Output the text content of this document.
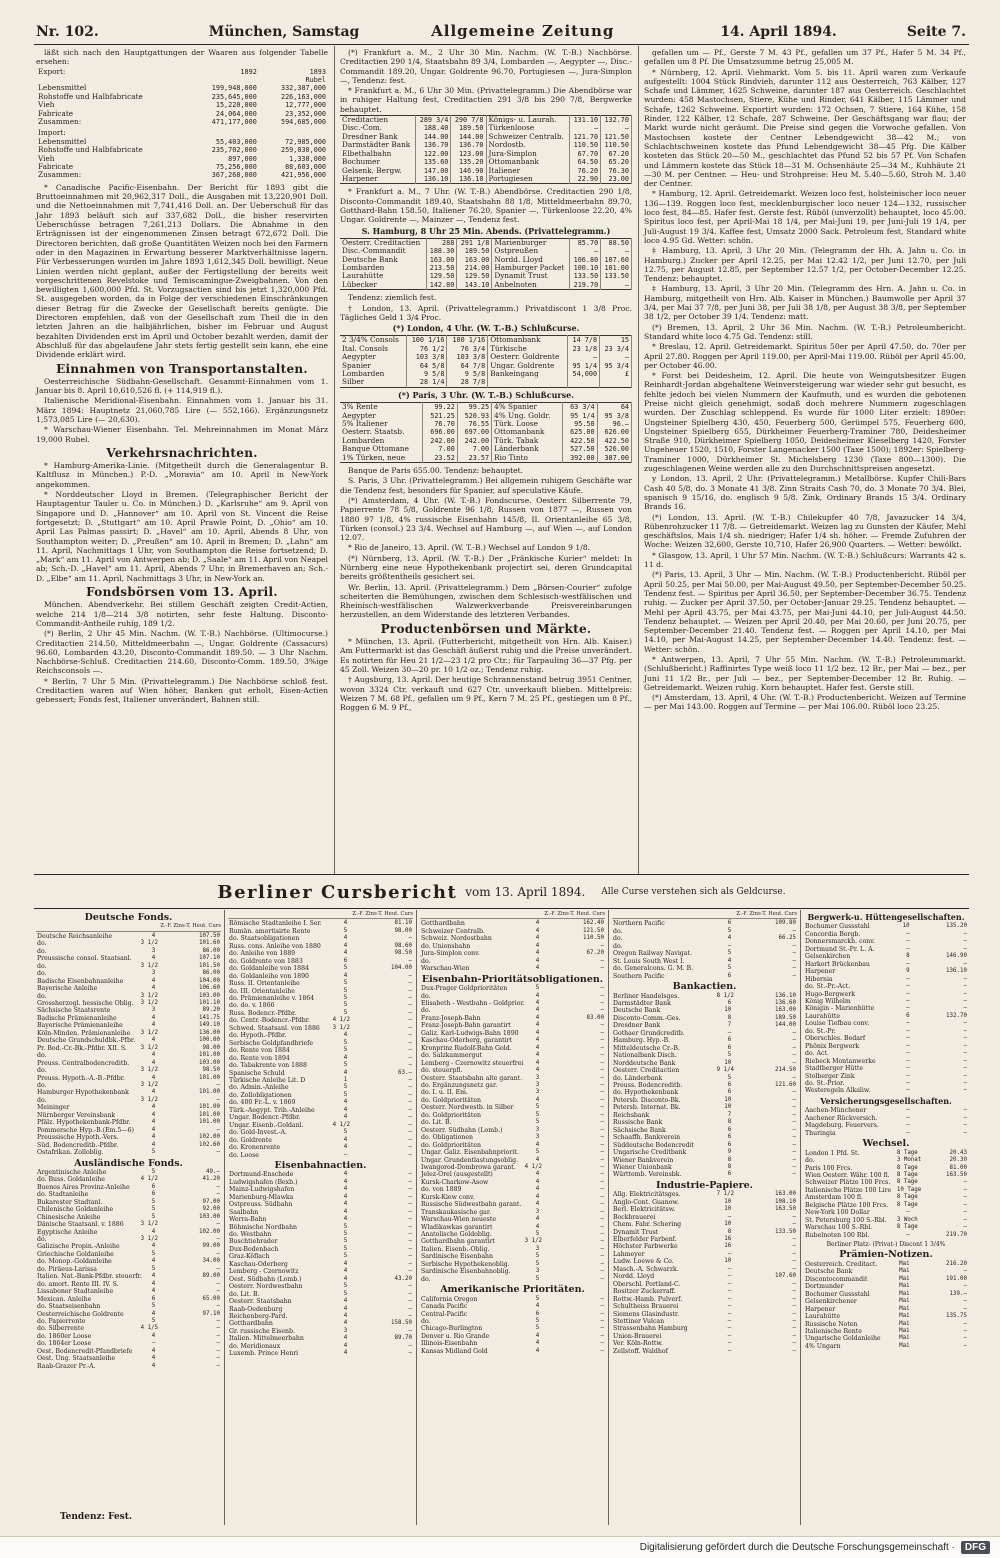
Nr. 102.	München, Samstag	Allgemeine Zeitung	14. April 1894.	Seite 7.

läßt sich nach den Hauptgattungen der Waaren aus folgender Tabelle ersehen:

Export:	1892	1893
		Rubel
Lebensmittel	199,948,000	332,387,000
Rohstoffe und Halbfabricate	235,645,000	226,163,000
Vieh	15,220,000	12,777,000
Fabricate	24,064,000	23,352,000
Zusammen:	471,177,000	594,685,000
Import:		
Lebensmittel	55,403,000	72,985,000
Rohstoffe und Halbfabricate	235,702,000	259,030,000
Vieh	897,000	1,338,000
Fabricate	75,256,000	88,603,000
Zusammen:	367,268,000	421,956,000

* Canadische Pacific-Eisenbahn. Der Bericht für 1893 gibt die Bruttoeinnahmen mit 20,962,317 Doll., die Ausgaben mit 13,220,901 Doll. und die Nettoeinnahmen mit 7,741,416 Doll. an. Der Ueberschuß für das Jahr 1893 beläuft sich auf 337,682 Doll., die bisher reservirten Ueberschüsse betragen 7,261,213 Dollars. Die Abnahme in den Erträgnissen ist der eingenommenen Zinsen betragt 672,672 Doll. Die Directoren berichten, daß große Quantitäten Weizen noch bei den Farmern oder in den Magazinen in Erwartung besserer Marktverhältnisse lagern. Für Verbesserungen wurden im Jahre 1893 1,612,345 Doll. bewilligt. Neue Linien werden nicht geplant, außer der Fertigstellung der bereits weit vorgeschrittenen Revelstoke und Temiscamingue-Zweigbahnen. Von den bewilligten 1,600,000 Pfd. St. Vorzugsactien sind bis jetzt 1,320,000 Pfd. St. ausgegeben worden, da in Folge der verschiedenen Einschränkungen dieser Betrag für die Zwecke der Gesellschaft bereits genügte. Die Directoren empfehlen, daß von der Gesellschaft zum Theil die in den letzten Jahren an die halbjährlichen, bisher im Februar und August bezahlten Dividenden erst im April und October bezahlt werden, damit der Abschluß für das abgelaufene Jahr stets fertig gestellt sein kann, ehe eine Dividende erklärt wird.

Einnahmen von Transportanstalten.

Oesterreichische Südbahn-Gesellschaft. Gesammt-Einnahmen vom 1. Januar bis 8. April 10,610,526 fl. (+ 114,919 fl.).

Italienische Meridional-Eisenbahn. Einnahmen vom 1. Januar bis 31. März 1894: Hauptnetz 21,060,785 Lire (— 552,166). Ergänzungsnetz 1,573,085 Lire (— 20,630).

* Warschau-Wiener Eisenbahn. Tel. Mehreinnahmen im Monat März 19,000 Rubel.

Verkehrsnachrichten.

* Hamburg-Amerika-Linie. (Mitgetheilt durch die Generalagentur B. Kaltflusz in München.) P.-D. „Moravia“ am 10. April in New-York angekommen.

* Norddeutscher Lloyd in Bremen. (Telegraphischer Bericht der Hauptagentur Tauler u. Co. in München.) D. „Karlsruhe“ am 9. April von Singapore und D. „Hannover“ am 10. April von St. Vincent die Reise fortgesetzt; D. „Stuttgart“ am 10. April Prawle Point, D. „Ohio“ am 10. April Las Palmas passirt; D. „Havel“ am 10. April, Abends 8 Uhr, von Southampton weiter; D. „Preußen“ am 10. April in Bremen; D. „Lahn“ am 11. April, Nachmittags 1 Uhr, von Southampton die Reise fortsetzend; D. „Mark“ am 11. April von Antwerpen ab; D. „Saale“ am 11. April von Neapel ab; Sch.-D. „Havel“ am 11. April, Abends 7 Uhr, in Bremerhaven an; Sch.-D. „Elbe“ am 11. April, Nachmittags 3 Uhr, in New-York an.

Fondsbörsen vom 13. April.

München. Abendverkehr. Bei stillem Geschäft zeigten Credit-Actien, welche 214 1/8—214 3/8 notirten, sehr feste Haltung. Disconto-Commandit-Antheile ruhig, 189 1/2.

(*) Berlin, 2 Uhr 45 Min. Nachm. (W. T.-B.) Nachbörse. (Ultimocurse.) Creditactien 214.50, Mitteldmeerbahn —, Ungar. Goldrente (Cassacurs) 96.60, Lombarden 43.20, Disconto-Commandit 189.50. — 3 Uhr Nachm. Nachbörse-Schluß. Creditactien 214.60, Disconto-Comm. 189.50, 3%ige Reichsconsols —.

* Berlin, 7 Uhr 5 Min. (Privattelegramm.) Die Nachbörse schloß fest. Creditactien waren auf Wien höher, Banken gut erholt, Eisen-Actien gebessert; Fonds fest, Italiener unverändert, Bahnen still.

(*) Frankfurt a. M., 2 Uhr 30 Min. Nachm. (W. T.-B.) Nachbörse. Creditactien 290 1/4, Staatsbahn 89 3/4, Lombarden —, Aegypter —, Disc.-Commandit 189.20, Ungar. Goldrente 96.70, Portugiesen —, Jura-Simplon —, Tendenz: fest.

* Frankfurt a. M., 6 Uhr 30 Min. (Privattelegramm.) Die Abendbörse war in ruhiger Haltung fest, Creditactien 291 3/8 bis 290 7/8, Bergwerke behauptet.

Creditactien	289 3/4	290 7/8	Königs- u. Laurah.	131.10	132.70
Disc.-Com.	188.40	189.50	Türkenloose	—	—
Dresdner Bank	144.00	144.00	Schweizer Centralb.	121.70	121.50
Darmstädter Bank	136.70	136.70	Nordostb.	110.50	110.50
Elbethalbahn	122.00	123.00	Jura-Simplon	67.70	67.20
Bochumer	135.60	135.20	Ottomanbank	64.50	65.20
Gelsenk. Bergw.	147.00	146.90	Italiener	76.20	76.30
Harpener	136.10	136.10	Portugiesen	22.90	23.00

* Frankfurt a. M., 7 Uhr. (W. T.-B.) Abendbörse. Creditactien 290 1/8, Disconto-Commandit 189.40, Staatsbahn 88 1/8, Mitteldmeerbahn 89.70, Gotthard-Bahn 158.50, Italiener 76.20, Spanier —, Türkenloose 22.20, 4% Ungar. Goldrente —, Mainzer —, Tendenz fest.

S. Hamburg, 8 Uhr 25 Min. Abends. (Privattelegramm.)
Oesterr. Creditactien	288	291 1/8	Marienburger	85.70	88.50
Disc.-Commandit	188.30	189.50	Ostpreußen	—	—
Deutsche Bank	163.00	163.00	Nordd. Lloyd	106.80	107.60
Lombarden	213.50	214.00	Hamburger Packet	100.10	101.00
Laurahütte	129.50	129.50	Dynamit Trust	133.50	133.50
Lübecker	142.80	143.10	Anbelnoten	219.70	—

Tendenz: ziemlich fest.

† London, 13. April. (Privattelegramm.) Privatdiscont 1 3/8 Proc. Tägliches Geld 1 3/4 Proc.

(*) London, 4 Uhr. (W. T.-B.) Schlußcurse.
2 3/4% Consols	100 1/16	100 1/16	Ottomanbank	14 7/8	15
Ital. Consols	76 1/2	76 3/4	Türkische	23 1/8	23 3/4
Aegypter	103 3/8	103 3/8	Oesterr. Goldrente	—	—
Spanier	64 5/8	64 7/8	Ungar. Goldrente	95 1/4	95 3/4
Lombarden	9 5/8	9 5/8	Bankeingang	54,000	£
Silber	28 1/4	28 7/8			
(*) Paris, 3 Uhr. (W. T.-B.) Schlußcurse.
3% Rente	99.22	99.25	4% Spanier	63 3/4	64
Aegypter	521.25	520.93	4% Ung. Goldr.	95 1/4	95 3/8
5% Italiener	76.70	76.55	Türk. Loose	95.50	96.—
Oesterr. Staatsb.	696.00	697.00	Ottomanbank	625.00	626.00
Lombarden	242.00	242.00	Türk. Tabak	422.50	422.50
Banque Ottomane	7.00	7.00	Länderbank	527.50	526.00
1% Türken, neue	23.52	23.57	Rio Tinto	392.00	387.00

Banque de Paris 655.00. Tendenz: behauptet.

S. Paris, 3 Uhr. (Privattelegramm.) Bei allgemein ruhigem Geschäfte war die Tendenz fest, besonders für Spanier, auf speculative Käufe.

(*) Amsterdam, 4 Uhr. (W. T.-B.) Fondscurse. Oesterr. Silberrente 79, Papierrente 78 5/8, Goldrente 96 1/8, Russen von 1877 —, Russen von 1880 97 1/8, 4% russische Eisenbahn 145/8, II. Orientanleihe 65 3/8, Türken (consol.) 23 3/4. Wechsel auf Hamburg —, auf Wien —, auf London 12.07.

* Rio de Janeiro, 13. April. (W. T.-B.) Wechsel auf London 9 1/8.

(*) Nürnberg, 13. April. (W. T.-B.) Der „Fränkische Kurier“ meldet: In Nürnberg eine neue Hypothekenbank projectirt sei, deren Grundcapital bereits größtentheils gesichert sei.

Wr. Berlin, 13. April. (Privattelegramm.) Dem „Börsen-Courier“ zufolge scheiterten die Bemühungen, zwischen dem Schlesisch-westfälischen und Rheinisch-westfälischen Walzwerkverbande Preisvereinbarungen herzustellen, an dem Widerstande des letzteren Verbandes.

Productenbörsen und Märkte.

* München, 13. April. (Futterbericht, mitgetheilt von Hrn. Alb. Kaiser.) Am Futtermarkt ist das Geschäft äußerst ruhig und die Preise unverändert. Es notirten für Heu 21 1/2—23 1/2 pro Ctr.; für Tarpauling 36—37 Pfg. per 45 Zoll. Weizen 30—20 pr. 10 1/2 oz.; Tendenz ruhig.

† Augsburg, 13. April. Der heutige Schrannenstand betrug 3951 Centner, wovon 3324 Ctr. verkauft und 627 Ctr. unverkauft blieben. Mittelpreis: Weizen 7 M. 68 Pf., gefallen um 9 Pf., Kern 7 M. 25 Pf., gestiegen um 8 Pf., Roggen 6 M. 9 Pf.,

gefallen um — Pf., Gerste 7 M. 43 Pf., gefallen um 37 Pf., Hafer 5 M. 34 Pf., gefallen um 8 Pf. Die Umsatzsumme betrug 25,005 M.

* Nürnberg, 12. April. Viehmarkt. Vom 5. bis 11. April waren zum Verkaufe aufgestellt: 1004 Stück Rindvieh, darunter 112 aus Oesterreich, 763 Kälber, 127 Schafe und Lämmer, 1625 Schweine, darunter 187 aus Oesterreich. Geschlachtet wurden: 458 Mastochsen, Stiere, Kühe und Rinder, 641 Kälber, 115 Lämmer und Schafe, 1262 Schweine. Exportirt wurden: 172 Ochsen, 7 Stiere, 164 Kühe, 158 Rinder, 122 Kälber, 12 Schafe, 287 Schweine. Der Geschäftsgang war flau; der Markt wurde nicht geräumt. Die Preise sind gegen die Vorwoche gefallen. Von Mastochsen kostete der Centner Lebendgewicht 38—42 M.; von Schlachtschweinen kostete das Pfund Lebendgewicht 38—45 Pfg. Die Kälber kosteten das Stück 20—50 M., geschlachtet das Pfund 52 bis 57 Pf. Von Schafen und Lämmern kostete das Stück 18—31 M. Ochsenhäute 25—34 M., Kuhhäute 21—30 M. per Centner. — Heu- und Strohpreise: Heu M. 5.40—5.60, Stroh M. 3.40 der Centner.

* Hamburg, 12. April. Getreidemarkt. Weizen loco fest, holsteinischer loco neuer 136—139. Roggen loco fest, mecklenburgischer loco neuer 124—132, russischer loco fest, 84—85. Hafer fest. Gerste fest. Rüböl (unverzollt) behauptet, loco 45.00. Spiritus loco fest, per April-Mai 18 1/4, per Mai-Juni 19, per Juni-Juli 19 1/4, per Juli-August 19 3/4. Kaffee fest, Umsatz 2000 Sack. Petroleum fest, Standard white loco 4.95 Gd. Wetter: schön.

‡ Hamburg, 13. April, 3 Uhr 20 Min. (Telegramm der Hh. A. Jahn u. Co. in Hamburg.) Zucker per April 12.25, per Mai 12.42 1/2, per Juni 12.70, per Juli 12.75, per August 12.85, per September 12.57 1/2, per October-December 12.25. Tendenz: behauptet.

‡ Hamburg, 13. April, 3 Uhr 20 Min. (Telegramm des Hrn. A. Jahn u. Co. in Hamburg, mitgetheilt von Hrn. Alb. Kaiser in München.) Baumwolle per April 37 3/4, per Mai 37 7/8, per Juni 38, per Juli 38 1/8, per August 38 3/8, per September 38 1/2, per October 39 1/4. Tendenz: matt.

(*) Bremen, 13. April, 2 Uhr 36 Min. Nachm. (W. T.-B.) Petroleumbericht. Standard white loco 4.75 Gd. Tendenz: still.

* Breslau, 12. April. Getreidemarkt. Spiritus 50er per April 47.50, do. 70er per April 27.80. Roggen per April 119.00, per April-Mai 119.00. Rüböl per April 45.00, per October 46.00.

* Forst bei Deidesheim, 12. April. Die heute von Weingutsbesitzer Eugen Reinhardt-Jordan abgehaltene Weinversteigerung war wieder sehr gut besucht, es fehlte jedoch bei vielen Nummern der Kaufmuth, und es wurden die gebotenen Preise nicht gleich genehmigt, sodaß doch mehrere Nummern zugeschlagen wurden. Der Zuschlag schleppend. Es wurde für 1000 Liter erzielt: 1890er: Ungsteiner Spielberg 430, 450, Feuerberg 500, Gerümpel 575, Feuerberg 600, Ungsteiner Spielberg 655, Dürkheimer Feuerberg-Traminer 780, Deidesheimer Straße 910, Dürkheimer Spielberg 1050, Deidesheimer Kieselberg 1420, Forster Ungeheuer 1520, 1510, Forster Langenacker 1500 (Taxe 1500); 1892er: Spielberg-Traminer 1000, Dürkheimer St. Michelsberg 1230 (Taxe 800—1300). Die zugeschlagenen Weine werden alle zu den Durchschnittspreisen angesetzt.

y London, 13. April, 2 Uhr. (Privattelegramm.) Metallbörse. Kupfer Chili-Bars Cash 40 5/8, do. 3 Monate 41 3/8. Zinn Straits Cash 70, do. 3 Monate 70 3/4. Blei, spanisch 9 15/16, do. englisch 9 5/8. Zink, Ordinary Brands 15 3/4. Ordinary Brands 16.

(*) London, 13. April. (W. T.-B.) Chilekupfer 40 7/8, Javazucker 14 3/4, Rübenrohzucker 11 7/8. — Getreidemarkt. Weizen lag zu Gunsten der Käufer, Mehl geschäftslos, Mais 1/4 sh. niedriger; Hafer 1/4 sh. höher. — Fremde Zufuhren der Woche: Weizen 32,600, Gerste 10,710, Hafer 26,900 Quarters. — Wetter: bewölkt.

* Glasgow, 13. April, 1 Uhr 57 Min. Nachm. (W. T.-B.) Schlußcurs: Warrants 42 s. 11 d.

(*) Paris, 13. April, 3 Uhr — Min. Nachm. (W. T.-B.) Productenbericht. Rüböl per April 50.25, per Mai 50.00, per Mai-August 49.50, per September-December 50.25. Tendenz fest. — Spiritus per April 36.50, per September-December 36.75. Tendenz ruhig. — Zucker per April 37.50, per October-Januar 29.25. Tendenz behauptet. — Mehl per April 43.75, per Mai 43.75, per Mai-Juni 44.10, per Juli-August 44.50. Tendenz behauptet. — Weizen per April 20.40, per Mai 20.60, per Juni 20.75, per September-December 21.40. Tendenz fest. — Roggen per April 14.10, per Mai 14.10, per Mai-August 14.25, per September-December 14.40. Tendenz: fest. — Wetter: schön.

* Antwerpen, 13. April, 7 Uhr 55 Min. Nachm. (W. T.-B.) Petroleummarkt. (Schlußbericht.) Raffinirtes Type weiß loco 11 1/2 bez. 12 Br., per Mai — bez., per Juni 11 1/2 Br., per Juli — bez., per September-December 12 Br. Ruhig. — Getreidemarkt. Weizen ruhig. Korn behauptet. Hafer fest. Gerste still.

(*) Amsterdam, 13. April, 4 Uhr. (W. T.-B.) Productenbericht. Weizen auf Termine — per Mai 143.00. Roggen auf Termine — per Mai 106.00. Rüböl loco 23.25.

Berliner Cursbericht vom 13. April 1894. Alle Curse verstehen sich als Geldcurse.
Deutsche Fonds.
Z.-F. Zins-T. Heut. Curs
Deutsche Reichsanleihe	4	107.50
do.	3 1/2	101.60
do.	3	86.00
Preussische consol. Staatsanl.	4	107.10
do.	3 1/2	101.50
do.	3	86.00
Badische Eisenbahnanleihe	4	104.00
Bayerische Anleihe	4	106.60
do.	3 1/2	103.00
Grossherzogl. hessische Oblig.	3 1/2	101.10
Sächsische Staatsrente	3	89.20
Badische Prämienanleihe	4	141.75
Bayerische Prämienanleihe	4	149.10
Köln-Minden. Prämienanleihe	3 1/2	136.00
Deutsche Grundschuldbk.-Pfbr.	4	100.00
Pr. Bod.-Cr.-Bk.-Pfdbr. XII. S.	3 1/2	98.00
do.	4	101.00
Preuss. Centralbodencreditb.	4	103.00
do.	3 1/2	98.50
Preuss. Hypoth.-A.-B.-Pfdbr.	4	101.00
do.	3 1/2	—
Hamburger Hypothekenbank	4	101.00
do.	3 1/2	—
Meininger	4	101.00
Nürnberger Vereinsbank	4	101.00
Pfälz. Hypothekenbank-Pfdbr.	4	101.00
Pommersche Hyp.-B.(Em.5—6)	4	—
Preussische Hypoth.-Vers.	4	102.00
Süd. Bodencreditb.-Pfdbr.	4	102.60
Ostafrikan. Zolloblig.	5	—
Ausländische Fonds.
Argentinische Anleihe	5	49.—
do. Buss. Goldanleihe	4 1/2	41.20
Buenos Aires Provinz-Anleihe	6	—
do. Stadtanleihe	6	—
Bukarester Stadtanl.	5	97.00
Chilenische Goldanleihe	5	92.00
Chinesische Anleihe	5	103.00
Dänische Staatsanl. v. 1886	3 1/2	—
Egyptische Anleihe	4	102.00
do.	3 1/2	—
Galizische Propin.-Anleihe	4	99.00
Griechische Goldanleihe	5	—
do. Monop.-Goldanleihe	4	34.00
do. Piräeus-Larissa	5	—
Italien. Nat.-Bank-Pfdbr. steuerfr.	4	89.00
do. amort. Rente III. IV. S.	4	—
Lissaboner Stadtanleihe	4	—
Mexican. Anleihe	6	65.00
do. Staatseisenbahn	5	—
Oesterreichische Goldrente	4	97.10
do. Papierrente	5	—
do. Silberrente	4 1/5	—
do. 1860er Loose	4	—
do. 1864er Loose	—	—
Oest. Bodencredit-Pfandbriefe	4	—
Oest. Ung. Staatsanleihe	4	—
Raab-Grazer Pr.-A.	4	—
Z.-F. Zins-T. Heut. Curs
Römische Stadtanleihe I. Ser.	4	81.10
Rumän. amortisirte Rente	5	98.00
do. Staatsobligationen	4	—
Russ. cons. Anleihe von 1880	4	98.60
do. Anleihe von 1889	4	98.50
do. Goldrente von 1883	6	—
do. Goldanleihe von 1884	5	104.00
do. Goldanleihe von 1890	4	—
Russ. II. Orientanleihe	5	—
do. III. Orientanleihe	5	—
do. Prämienanleihe v. 1864	5	—
do. do. v. 1866	5	—
Russ. Bodencr.-Pfdbr.	5	—
do. Centr.-Bodencr.-Pfdbr.	4 1/2	—
Schwed. Staatsanl. von 1886	3 1/2	—
do. Hypoth.-Pfdbr.	4	—
Serbische Goldpfandbriefe	5	—
do. Rente von 1884	5	—
do. Rente von 1894	4	—
do. Tabakrente von 1888	5	—
Spanische Schuld	4	63.—
Türkische Anleihe Lit. D	1	—
do. Admin.-Anleihe	5	—
do. Zollobligationen	5	—
do. 400 Fr.-L. v. 1869	4	—
Türk.-Aegypt. Trib.-Anleihe	4	—
Ungar. Bodencr.-Pfdbr.	4	—
Ungar. Eisenb.-Goldanl.	4 1/2	—
do. Gold-Invest.-A.	5	—
do. Goldrente	4	—
do. Kronenrente	4	—
do. Loose	—	—
Eisenbahnactien.
Dortmund-Enschede	4	—
Ludwigshafen (Bexb.)	4	—
Mainz-Ludwigshafen	4	—
Marienburg-Mlawka	4	—
Ostpreuss. Südbahn	4	—
Saalbahn	4	—
Werra-Bahn	4	—
Böhmische Nordbahn	5	—
do. Westbahn	5	—
Buschtiehrader	5	—
Dux-Bodenbach	5	—
Graz-Köflach	5	—
Kaschau-Oderberg	4	—
Lemberg - Czernowitz	4	—
Oest. Südbahn (Lomb.)	4	43.20
Oesterr. Nordwestbahn	5	—
do. Lit. B.	5	—
Oesterr. Staatsbahn	4	—
Raab-Oedenburg	4	—
Reichenberg-Pard.	4	—
Gotthardbahn	4	158.50
Gr. russische Eisenb.	3	—
Italien. Mittelmeerbahn	4	89.70
do. Meridionaux	4	—
Luxemb. Prince Henri	4	—
Z.-F. Zins-T. Heut. Curs
Gotthardbahn	4	162.40
Schweizer Centralb.	4	121.50
Schweiz. Nordostbahn	4	110.50
do. Unionsbahn	4	—
Jura-Simplon conv.	4	67.20
do.	4	—
Warschau-Wien	4	—
Eisenbahn-Prioritätsobligationen.
Dux-Prager Goldprioritäten	5	—
do.	4	—
Elisabeth - Westbahn - Goldprior.	4	—
do.	4	—
Franz-Joseph-Bahn	4	83.00
Franz-Joseph-Bahn garantirt	4	—
Galiz. Karl-Ludwigs-Bahn 1890	4	—
Kaschau-Oderberg, garantirt	4	—
Kronprinz Rudolf-Bahn Gold.	4	—
do. Salzkammergut	4	—
Lemberg - Czernowitz steuerfrei	4	—
do. steuerpfl.	4	—
Oesterr. Staatsbahn alte garant.	3	—
do. Ergänzungsnetz gar.	3	—
do. I. u. II. Em.	3	—
do. Goldprioritäten	4	—
Oesterr. Nordwestb. in Silber	5	—
do. Goldprioritäten	5	—
do. Lit. B.	5	—
Oesterr. Südbahn (Lomb.)	3	—
do. Obligationen	3	—
do. Goldprioritäten	4	—
Ungar. Galiz. Eisenbahnpriorit.	5	—
Ungar. Grundentlastungsoblig.	4	—
Iwangorod-Dombrowa garant.	4 1/2	—
Jelez-Orel (ausgestellt)	4	—
Kursk-Charkow-Asow	4	—
do. von 1889	4	—
Kursk-Kiew conv.	4	—
Russische Südwestbahn garant.	4	—
Transkaukasische gar.	3	—
Warschau-Wien neueste	4	—
Wladikawkas garantirt	4	—
Anatolische Goldoblig.	5	—
Gotthardbahn garantirt	3 1/2	—
Italien. Eisenb.-Oblig.	3	—
Sardinische Eisenbahn	5	—
Serbische Hypothekenoblig.	5	—
Sardinische Eisenbahnoblig.	3	—
do.	5	—
Amerikanische Prioritäten.
California Oregon	5	—
Canada Pacific	4	—
Central-Pacific	6	—
do.	5	—
Chicago-Burlington	5	—
Denver u. Rio Grande	4	—
Illinois-Eisenbahn	4	—
Kansas Midland Gold	4	—
Z.-F. Zins-T. Heut. Curs
Northern Pacific	6	109.80
do.	5	—
do.	4	66.25
do.	—	—
Oregon Railway Navigat.	5	—
St. Louis South West I.	4	—
do. Generalcons. G. M. B.	5	—
Southern Pacific	6	—
Bankactien.
Berliner Handelsges.	8 1/2	136.10
Darmstädter Bank	6	136.60
Deutsche Bank	10	163.00
Disconto-Comm.-Ges.	8	189.50
Dresdner Bank	7	144.00
Gothaer Grundcreditb.	—	—
Hamburg. Hyp.-B.	6	—
Mitteldeutsche Cr.-B.	6	—
Nationalbank Disch.	5	—
Norddeutsche Bank	10	—
Oesterr. Creditactien	9 1/4	214.50
do. Länderbank	5	—
Preuss. Bodencreditb.	6	121.60
do. Hypothekenbank	6	—
Petersb. Disconto-Bk.	10	—
Petersb. Internat. Bk.	10	—
Reichsbank	7	—
Russische Bank	8	—
Sächsische Bank	6	—
Schaaffh. Bankverein	6	—
Süddeutsche Bodencredit	6	—
Ungarische Creditbank	9	—
Wiener Bankverein	8	—
Wiener Unionbank	8	—
Württemb. Vereinsbk.	6	—
Industrie-Papiere.
Allg. Elektricitätsges.	7 1/2	163.00
Anglo-Cont. Guanow.	10	108.10
Berl. Elektricitätsw.	10	163.50
Bockbrauerei	—	—
Chem. Fabr. Schering	10	—
Dynamit Trust	8	133.50
Elberfelder Farbenf.	16	—
Höchster Farbwerke	16	—
Lahmeyer	—	—
Ludw. Loewe & Co.	10	—
Masch.-A. Schwarzk.	—	—
Nordd. Lloyd	—	107.60
Oberschl. Portland-C.	—	—
Rositzer Zuckerraff.	—	—
Rottw.-Hamb. Pulverf.	—	—
Schultheiss Brauerei	—	—
Siemens Glasindustr.	—	—
Stettiner Vulcan	—	—
Strassenbahn Hamburg	—	—
Union-Brauerei	—	—
Ver. Köln-Rottw.	—	—
Zellstoff. Waldhof	—	—
Bergwerk-u. Hüttengesellschaften.
Bochumer Gussstahl	10	135.20
Concordia Bergb.	—	—
Donnersmarckh. conv.	—	—
Dortmund St.-Pr. L. A.	—	—
Gelsenkirchen	8	146.90
Harkort Brückenbau	—	—
Harpener	9	136.10
Hibernia	—	—
do. St.-Pr.-Act.	—	—
Hugo-Bergwerk	—	—
König Wilhelm	—	—
Königin - Marienhütte	—	—
Laurahütte	6	132.70
Louise Tiefbau conv.	—	—
do. St.-Pr.	—	—
Oberschles. Bedarf	—	—
Phönix Bergwerk	—	—
do. Act.	—	—
Riebeck Montanwerke	—	—
Stadtberger Hütte	—	—
Stolberger Zink	—	—
do. St.-Prior.	—	—
Westeregeln Alkaliw.	—	—
Versicherungsgesellschaften.
Aachen-Münchener	—	—
Aachener Rückversich.	—	—
Magdeburg. Feuervers.	—	—
Thuringia	—	—
Wechsel.
London 1 Pfd. St.	8 Tage	20.43
do.	3 Monat	20.30
Paris 100 Frcs.	8 Tage	81.00
Wien Oesterr. Währ. 100 fl.	8 Tage	163.50
Schweizer Plätze 100 Frcs.	8 Tage	—
Italienische Plätze 100 Lire	10 Tage	—
Amsterdam 100 fl.	8 Tage	—
Belgische Plätze 100 Frcs.	8 Tage	—
New-York 100 Dollar	—	—
St. Petersburg 100 S.-Rbl.	3 Woch	—
Warschau 100 S.-Rbl.	8 Tage	—
Rubelnoten 100 Rbl.	—	219.70
Berliner Platz- (Privat-) Discont 1 3/4%
Prämien-Notizen.
Oesterreich. Creditact.	Mai	216.20
Deutsche Bank	Mai	—
Discontocommandit	Mai	191.00
Dortmunder	Mai	—
Bochumer Gussstahl	Mai	139.—
Gelsenkirchener	Mai	—
Harpener	Mai	—
Laurahütte	Mai	135.75
Russische Noten	Mai	—
Italienische Rente	Mai	—
Ungarische Goldanleihe	Mai	—
4% Ungarn	Mai	—
Tendenz: Fest.
Digitalisierung gefördert durch die Deutsche Forschungsgemeinschaft ·	DFG
